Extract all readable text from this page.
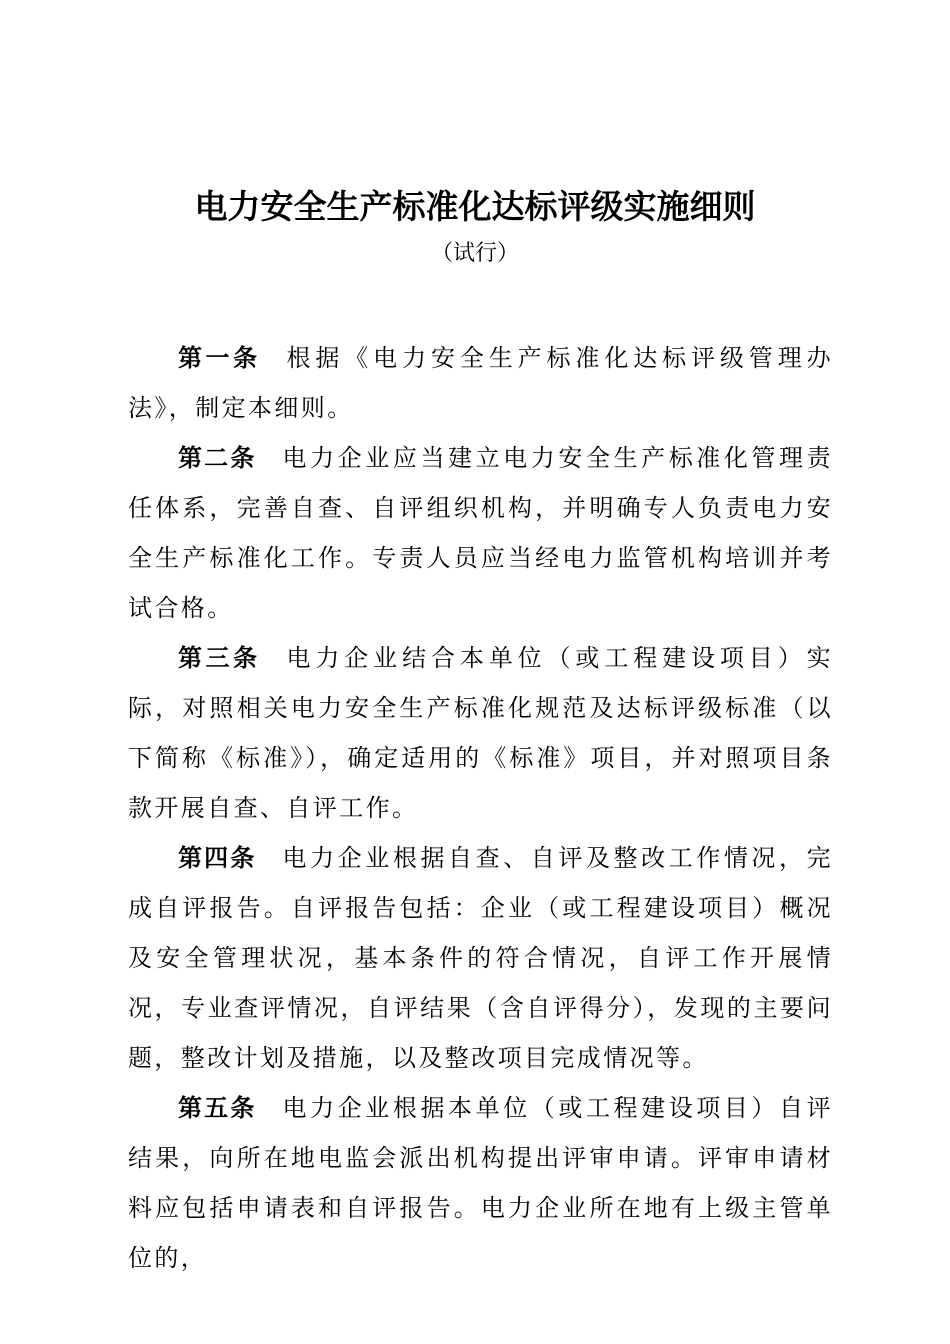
电力安全生产标准化达标评级实施细则
（试行）

第一条 根据《电力安全生产标准化达标评级管理办法》，制定本细则。

第二条 电力企业应当建立电力安全生产标准化管理责任体系，完善自查、自评组织机构，并明确专人负责电力安全生产标准化工作。专责人员应当经电力监管机构培训并考试合格。

第三条 电力企业结合本单位（或工程建设项目）实际，对照相关电力安全生产标准化规范及达标评级标准（以下简称《标准》），确定适用的《标准》项目，并对照项目条款开展自查、自评工作。

第四条 电力企业根据自查、自评及整改工作情况，完成自评报告。自评报告包括：企业（或工程建设项目）概况及安全管理状况，基本条件的符合情况，自评工作开展情况，专业查评情况，自评结果（含自评得分），发现的主要问题，整改计划及措施，以及整改项目完成情况等。

第五条 电力企业根据本单位（或工程建设项目）自评结果，向所在地电监会派出机构提出评审申请。评审申请材料应包括申请表和自评报告。电力企业所在地有上级主管单位的，
